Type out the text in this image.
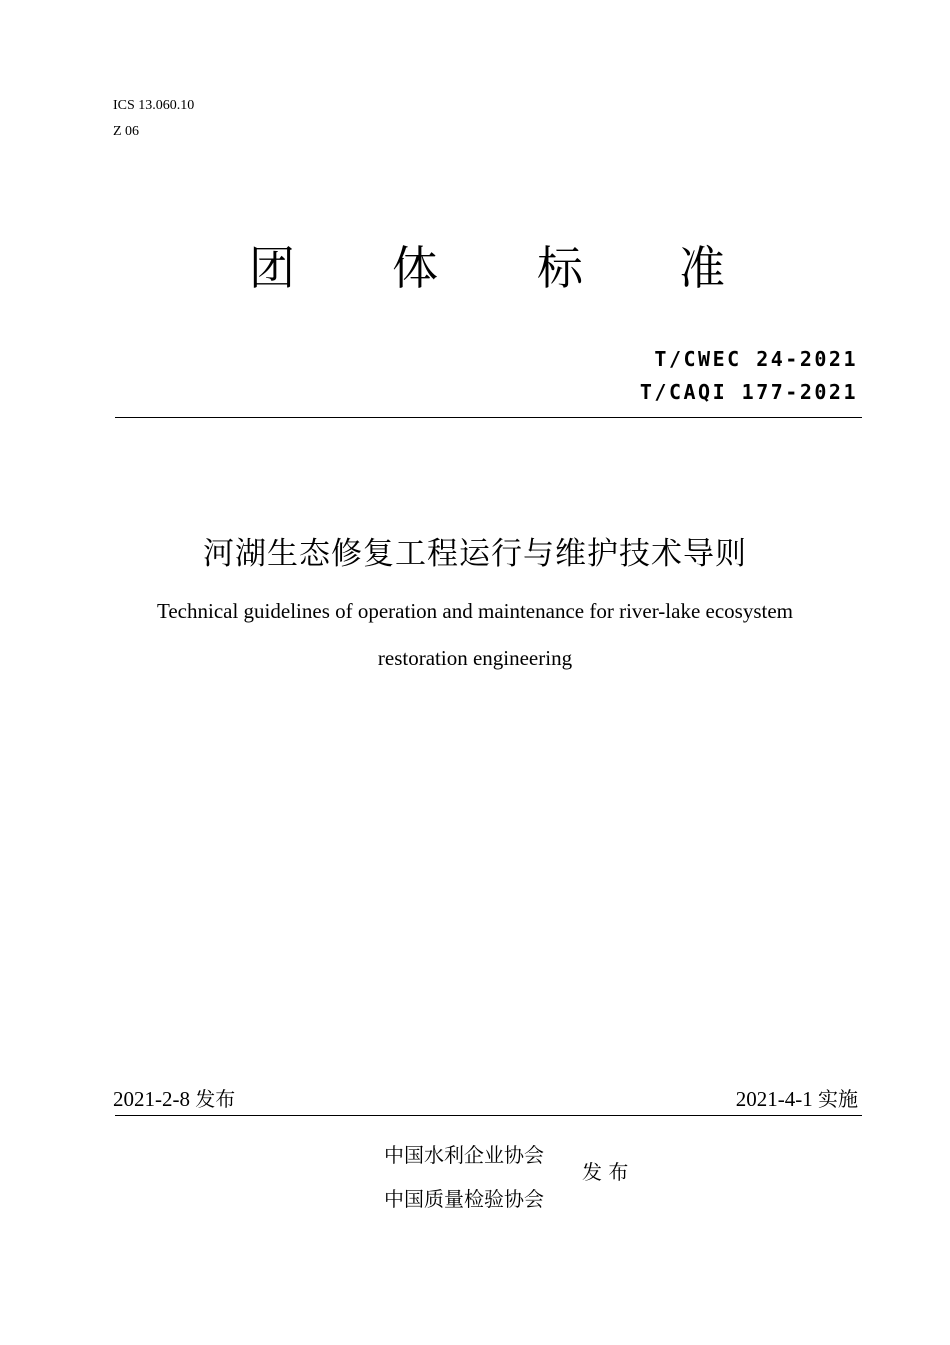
ICS 13.060.10
Z 06
团 体 标 准
T/CWEC 24-2021
T/CAQI 177-2021
河湖生态修复工程运行与维护技术导则
Technical guidelines of operation and maintenance for river-lake ecosystem
restoration engineering
2021-2-8 发布	2021-4-1 实施
中国水利企业协会
中国质量检验协会
发 布
